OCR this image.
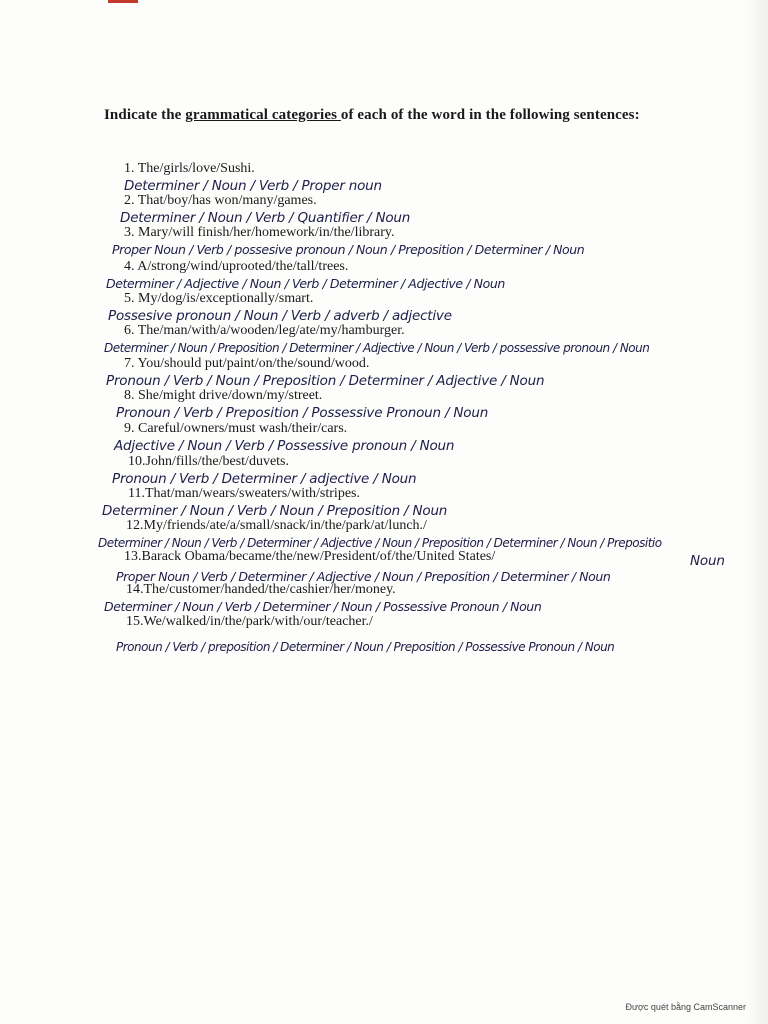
Indicate the grammatical categories of each of the word in the following sentences:
1. The/girls/love/Sushi.
Determiner / Noun / Verb / Proper noun
2. That/boy/has won/many/games.
Determiner / Noun / Verb / Quantifier / Noun
3. Mary/will finish/her/homework/in/the/library.
Proper Noun / Verb / possesive pronoun / Noun / Preposition / Determiner / Noun
4. A/strong/wind/uprooted/the/tall/trees.
Determiner / Adjective / Noun / Verb / Determiner / Adjective / Noun
5. My/dog/is/exceptionally/smart.
Possesive pronoun / Noun / Verb / adverb / adjective
6. The/man/with/a/wooden/leg/ate/my/hamburger.
Determiner / Noun / Preposition / Determiner / Adjective / Noun / Verb / possessive pronoun / Noun
7. You/should put/paint/on/the/sound/wood.
Pronoun / Verb / Noun / Preposition / Determiner / Adjective / Noun
8. She/might drive/down/my/street.
Pronoun / Verb / Preposition / Possessive Pronoun / Noun
9. Careful/owners/must wash/their/cars.
Adjective / Noun / Verb / Possessive pronoun / Noun
10.John/fills/the/best/duvets.
Pronoun / Verb / Determiner / adjective / Noun
11.That/man/wears/sweaters/with/stripes.
Determiner / Noun / Verb / Noun / Preposition / Noun
12.My/friends/ate/a/small/snack/in/the/park/at/lunch./
Determiner / Noun / Verb / Determiner / Adjective / Noun / Preposition / Determiner / Noun / Prepositio
Noun
13.Barack Obama/became/the/new/President/of/the/United States/
Proper Noun / Verb / Determiner / Adjective / Noun / Preposition / Determiner / Noun
14.The/customer/handed/the/cashier/her/money.
Determiner / Noun / Verb / Determiner / Noun / Possessive Pronoun / Noun
15.We/walked/in/the/park/with/our/teacher./
Pronoun / Verb / preposition / Determiner / Noun / Preposition / Possessive Pronoun / Noun
Được quét bằng CamScanner
